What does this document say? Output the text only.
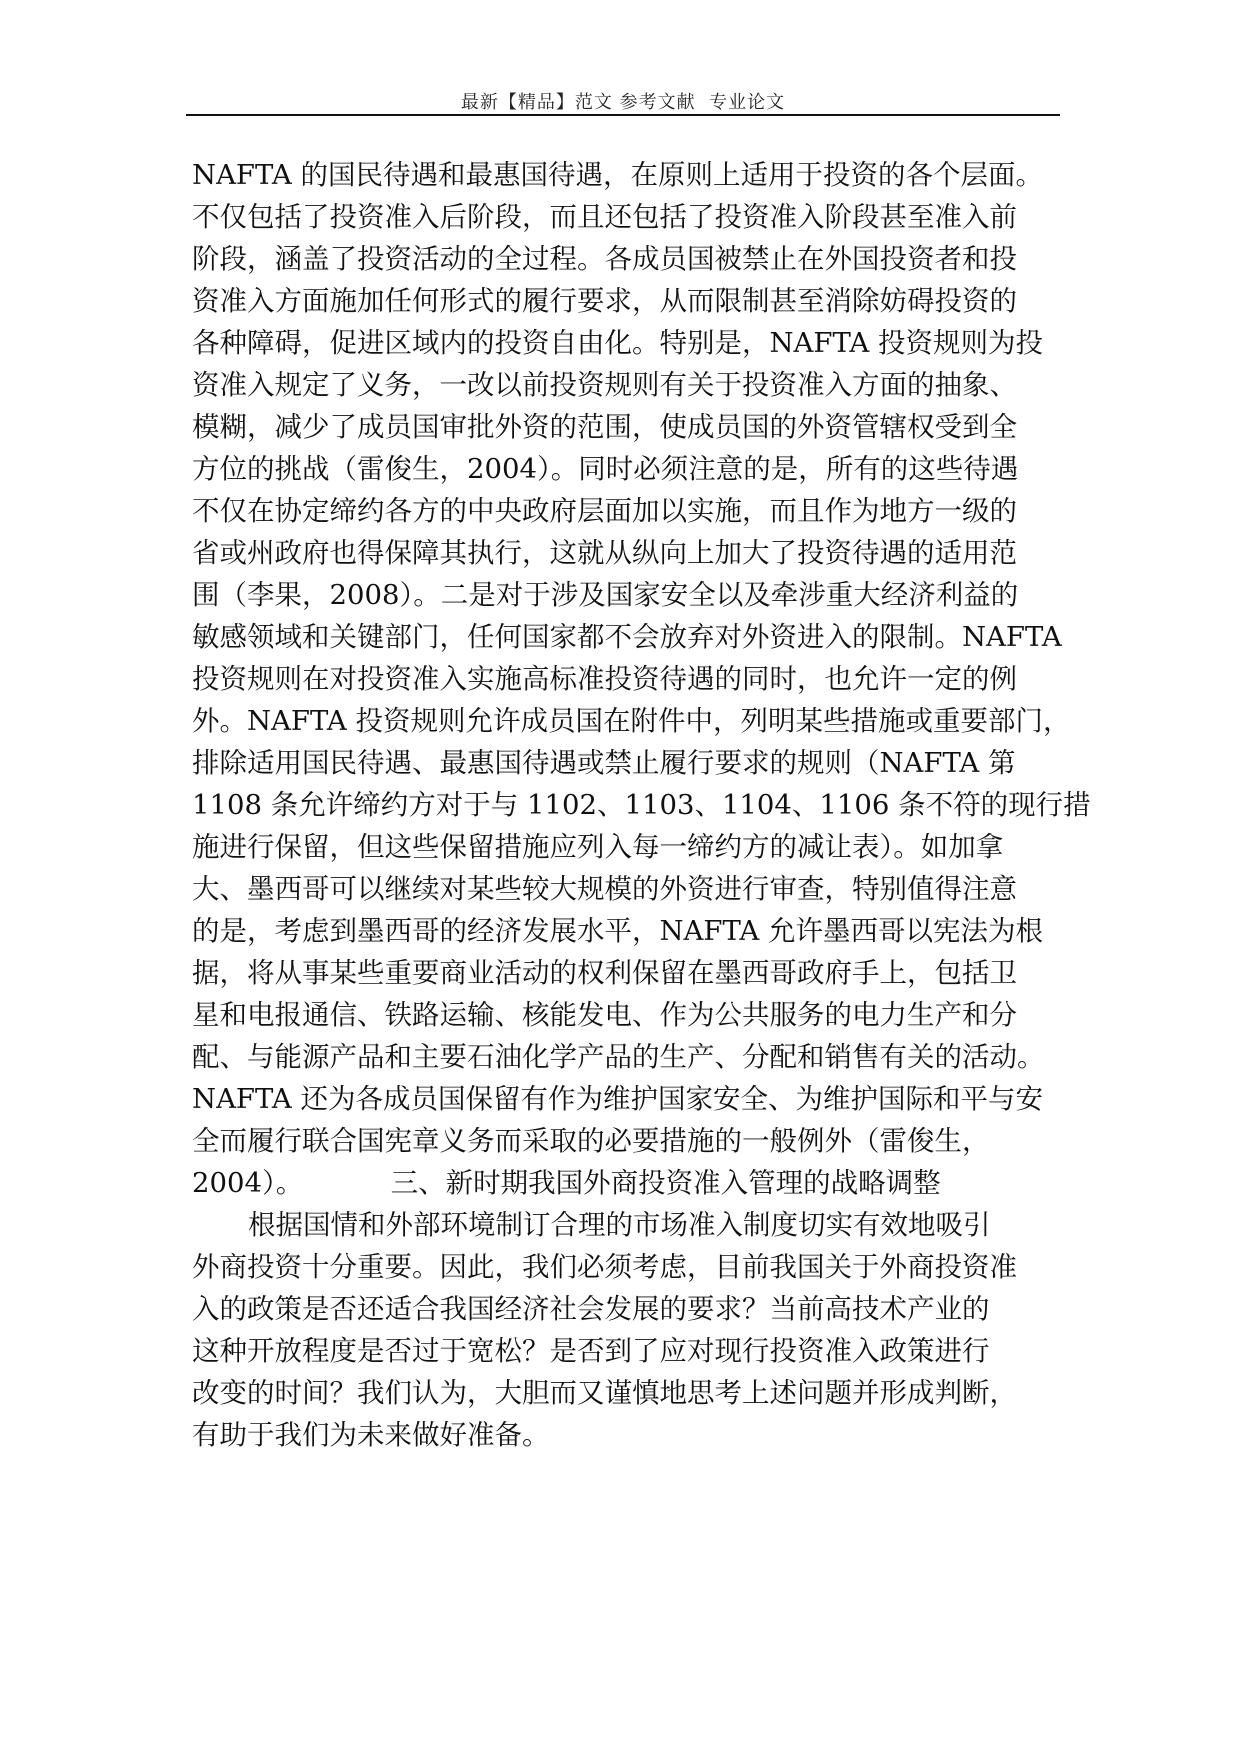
最新【精品】范文 参考文献  专业论文
NAFTA 的国民待遇和最惠国待遇，在原则上适用于投资的各个层面。
不仅包括了投资准入后阶段，而且还包括了投资准入阶段甚至准入前
阶段，涵盖了投资活动的全过程。各成员国被禁止在外国投资者和投
资准入方面施加任何形式的履行要求，从而限制甚至消除妨碍投资的
各种障碍，促进区域内的投资自由化。特别是，NAFTA 投资规则为投
资准入规定了义务，一改以前投资规则有关于投资准入方面的抽象、
模糊，减少了成员国审批外资的范围，使成员国的外资管辖权受到全
方位的挑战（雷俊生，2004）。同时必须注意的是，所有的这些待遇
不仅在协定缔约各方的中央政府层面加以实施，而且作为地方一级的
省或州政府也得保障其执行，这就从纵向上加大了投资待遇的适用范
围（李果，2008）。二是对于涉及国家安全以及牵涉重大经济利益的
敏感领域和关键部门，任何国家都不会放弃对外资进入的限制。NAFTA
投资规则在对投资准入实施高标准投资待遇的同时，也允许一定的例
外。NAFTA 投资规则允许成员国在附件中，列明某些措施或重要部门，
排除适用国民待遇、最惠国待遇或禁止履行要求的规则（NAFTA 第
1108 条允许缔约方对于与 1102、1103、1104、1106 条不符的现行措
施进行保留，但这些保留措施应列入每一缔约方的减让表）。如加拿
大、墨西哥可以继续对某些较大规模的外资进行审查，特别值得注意
的是，考虑到墨西哥的经济发展水平，NAFTA 允许墨西哥以宪法为根
据，将从事某些重要商业活动的权利保留在墨西哥政府手上，包括卫
星和电报通信、铁路运输、核能发电、作为公共服务的电力生产和分
配、与能源产品和主要石油化学产品的生产、分配和销售有关的活动。
NAFTA 还为各成员国保留有作为维护国家安全、为维护国际和平与安
全而履行联合国宪章义务而采取的必要措施的一般例外（雷俊生，
2004）。          三、新时期我国外商投资准入管理的战略调整
根据国情和外部环境制订合理的市场准入制度切实有效地吸引
外商投资十分重要。因此，我们必须考虑，目前我国关于外商投资准
入的政策是否还适合我国经济社会发展的要求？当前高技术产业的
这种开放程度是否过于宽松？是否到了应对现行投资准入政策进行
改变的时间？我们认为，大胆而又谨慎地思考上述问题并形成判断，
有助于我们为未来做好准备。
